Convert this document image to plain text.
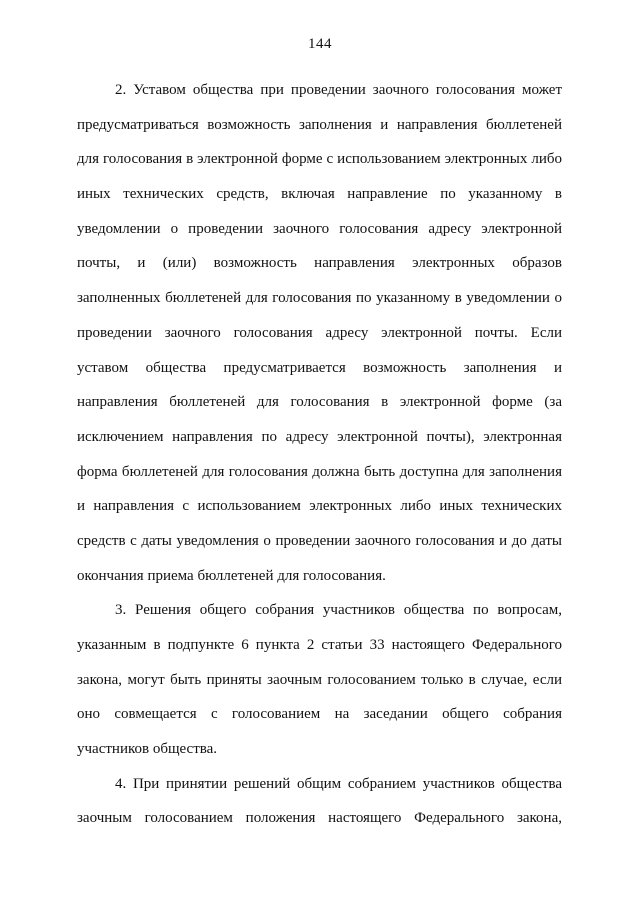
144
2. Уставом общества при проведении заочного голосования может
предусматриваться возможность заполнения и направления бюллетеней
для голосования в электронной форме с использованием электронных либо
иных технических средств, включая направление по указанному в
уведомлении о проведении заочного голосования адресу электронной
почты, и (или) возможность направления электронных образов
заполненных бюллетеней для голосования по указанному в уведомлении о
проведении заочного голосования адресу электронной почты. Если
уставом общества предусматривается возможность заполнения и
направления бюллетеней для голосования в электронной форме (за
исключением направления по адресу электронной почты), электронная
форма бюллетеней для голосования должна быть доступна для заполнения
и направления с использованием электронных либо иных технических
средств с даты уведомления о проведении заочного голосования и до даты
окончания приема бюллетеней для голосования.
3. Решения общего собрания участников общества по вопросам,
указанным в подпункте 6 пункта 2 статьи 33 настоящего Федерального
закона, могут быть приняты заочным голосованием только в случае, если
оно совмещается с голосованием на заседании общего собрания
участников общества.
4. При принятии решений общим собранием участников общества
заочным голосованием положения настоящего Федерального закона,
